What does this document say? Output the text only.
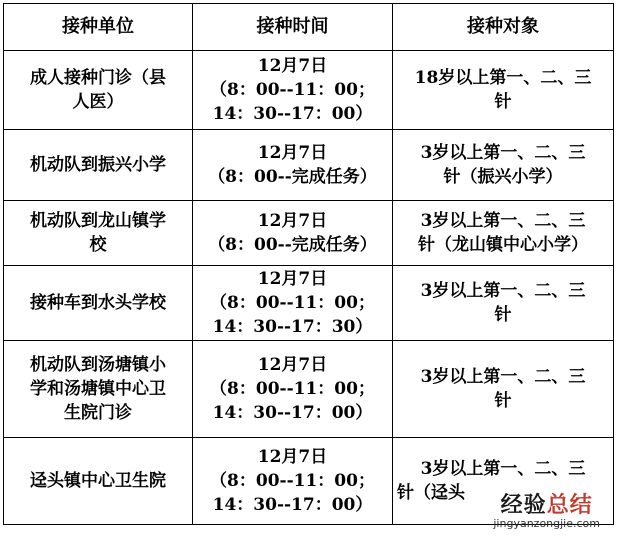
接种单位	接种时间	接种对象

成人接种门诊（县
人医）	12月7日
（8：00--11：00；
14：30--17：00）	18岁以上第一、二、三
针

机动队到振兴小学	12月7日
（8：00--完成任务）	3岁以上第一、二、三
针（振兴小学）

机动队到龙山镇学
校	12月7日
（8：00--完成任务）	3岁以上第一、二、三
针（龙山镇中心小学）

接种车到水头学校	12月7日
（8：00--11：00；
14：30--17：30）	3岁以上第一、二、三
针

机动队到汤塘镇小
学和汤塘镇中心卫
生院门诊	12月7日
（8：00--11：00；
14：30--17：00）	3岁以上第一、二、三
针

迳头镇中心卫生院	12月7日
（8：00--11：00；
14：30--17：00）	3岁以上第一、二、三
针（迳头	经验总结
jingyanzongjie.com
